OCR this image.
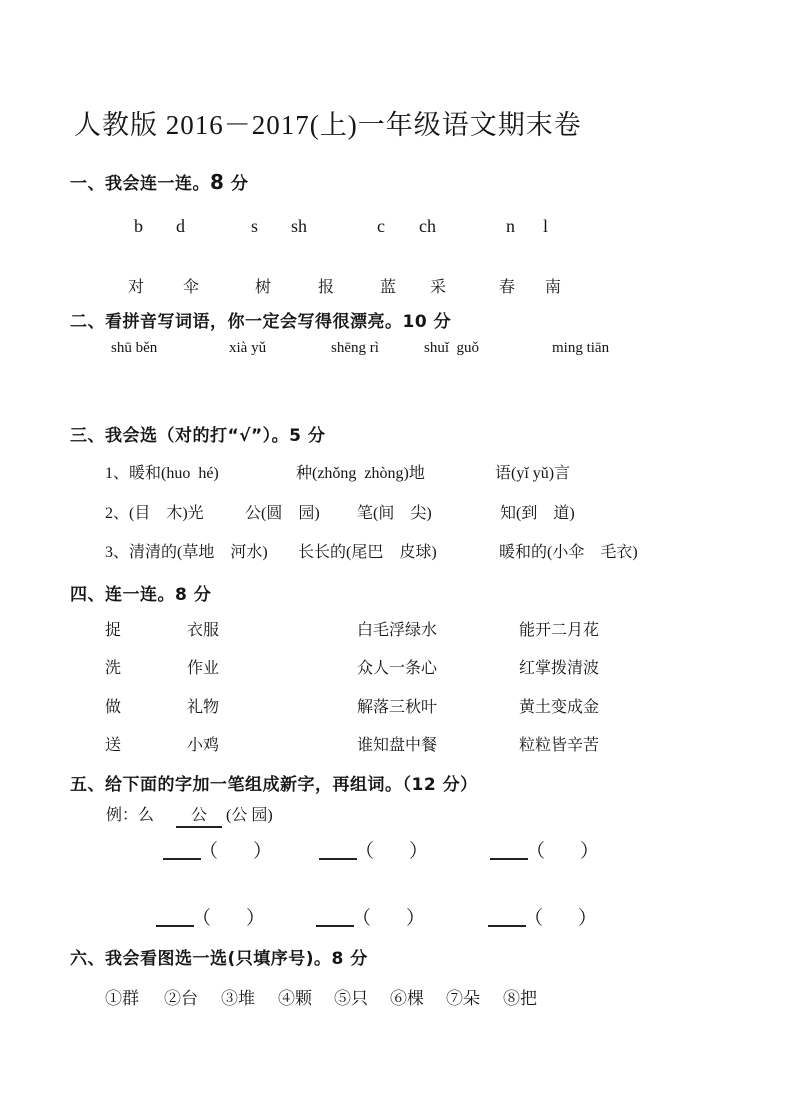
人教版 2016－2017(上)一年级语文期末卷
一、我会连一连。8 分
b d	s sh	c ch	n l
对 伞	树	报	蓝 采	春 南
二、看拼音写词语，你一定会写得很漂亮。10 分
shū běn	xià yǔ	shēng rì	shuǐ  guǒ	ming tiān
三、我会选（对的打“√”）。5 分
1、暖和(huo  hé)	种(zhǒng  zhòng)地	语(yǐ yǔ)言
2、(目　木)光	公(圆　园) 笔(间　尖)	知(到　道)
3、清清的(草地　河水) 长长的(尾巴　皮球)	暖和的(小伞　毛衣)
四、连一连。8 分
捉	衣服	白毛浮绿水	能开二月花
洗	作业	众人一条心	红掌拨清波
做	礼物	解落三秋叶	黄土变成金
送	小鸡	谁知盘中餐	粒粒皆辛苦
五、给下面的字加一笔组成新字，再组词。（12 分）
例：么	公	(公 园)
（ ）	（ ）	（ ）
（ ）	（ ）	（ ）
六、我会看图选一选(只填序号)。8 分
①群 ②台 ③堆 ④颗 ⑤只 ⑥棵 ⑦朵 ⑧把
